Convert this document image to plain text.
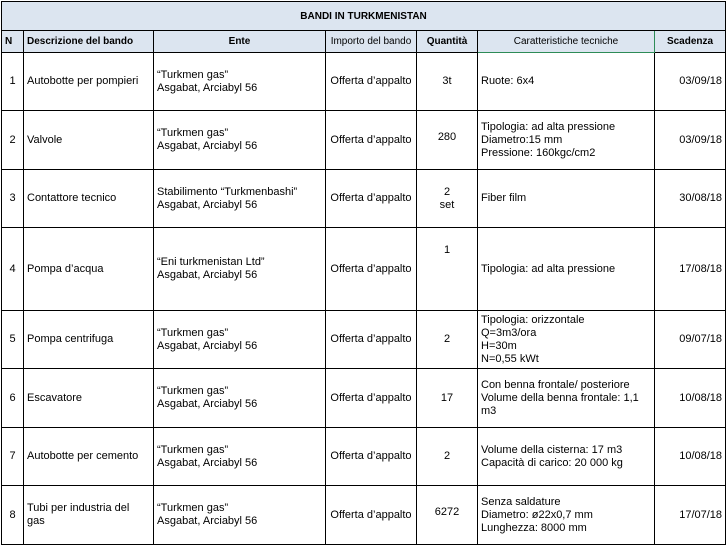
BANDI IN TURKMENISTAN						
N	Descrizione del bando	Ente	Importo del bando	Quantità	Caratteristiche tecniche	Scadenza
1	Autobotte per pompieri	“Turkmen gas”
Asgabat, Arciabyl 56	Offerta d’appalto	3t	Ruote: 6x4	03/09/18
2	Valvole	“Turkmen gas”
Asgabat, Arciabyl 56	Offerta d’appalto	280	Tipologia: ad alta pressione
Diametro:15 mm
Pressione: 160kgc/cm2	03/09/18
3	Contattore tecnico	Stabilimento “Turkmenbashi”
Asgabat, Arciabyl 56	Offerta d’appalto	2
set	Fiber film	30/08/18
4	Pompa d’acqua	“Eni turkmenistan Ltd”
Asgabat, Arciabyl 56	Offerta d’appalto	1	Tipologia: ad alta pressione	17/08/18
5	Pompa centrifuga	“Turkmen gas”
Asgabat, Arciabyl 56	Offerta d’appalto	2	Tipologia: orizzontale
Q=3m3/ora
H=30m
N=0,55 kWt	09/07/18
6	Escavatore	“Turkmen gas”
Asgabat, Arciabyl 56	Offerta d’appalto	17	Con benna frontale/ posteriore
Volume della benna frontale: 1,1 m3	10/08/18
7	Autobotte per cemento	“Turkmen gas”
Asgabat, Arciabyl 56	Offerta d’appalto	2	Volume della cisterna: 17 m3
Capacità di carico: 20 000 kg	10/08/18
8	Tubi per industria del gas	“Turkmen gas”
Asgabat, Arciabyl 56	Offerta d’appalto	6272	Senza saldature
Diametro: ø22x0,7 mm
Lunghezza: 8000 mm	17/07/18
